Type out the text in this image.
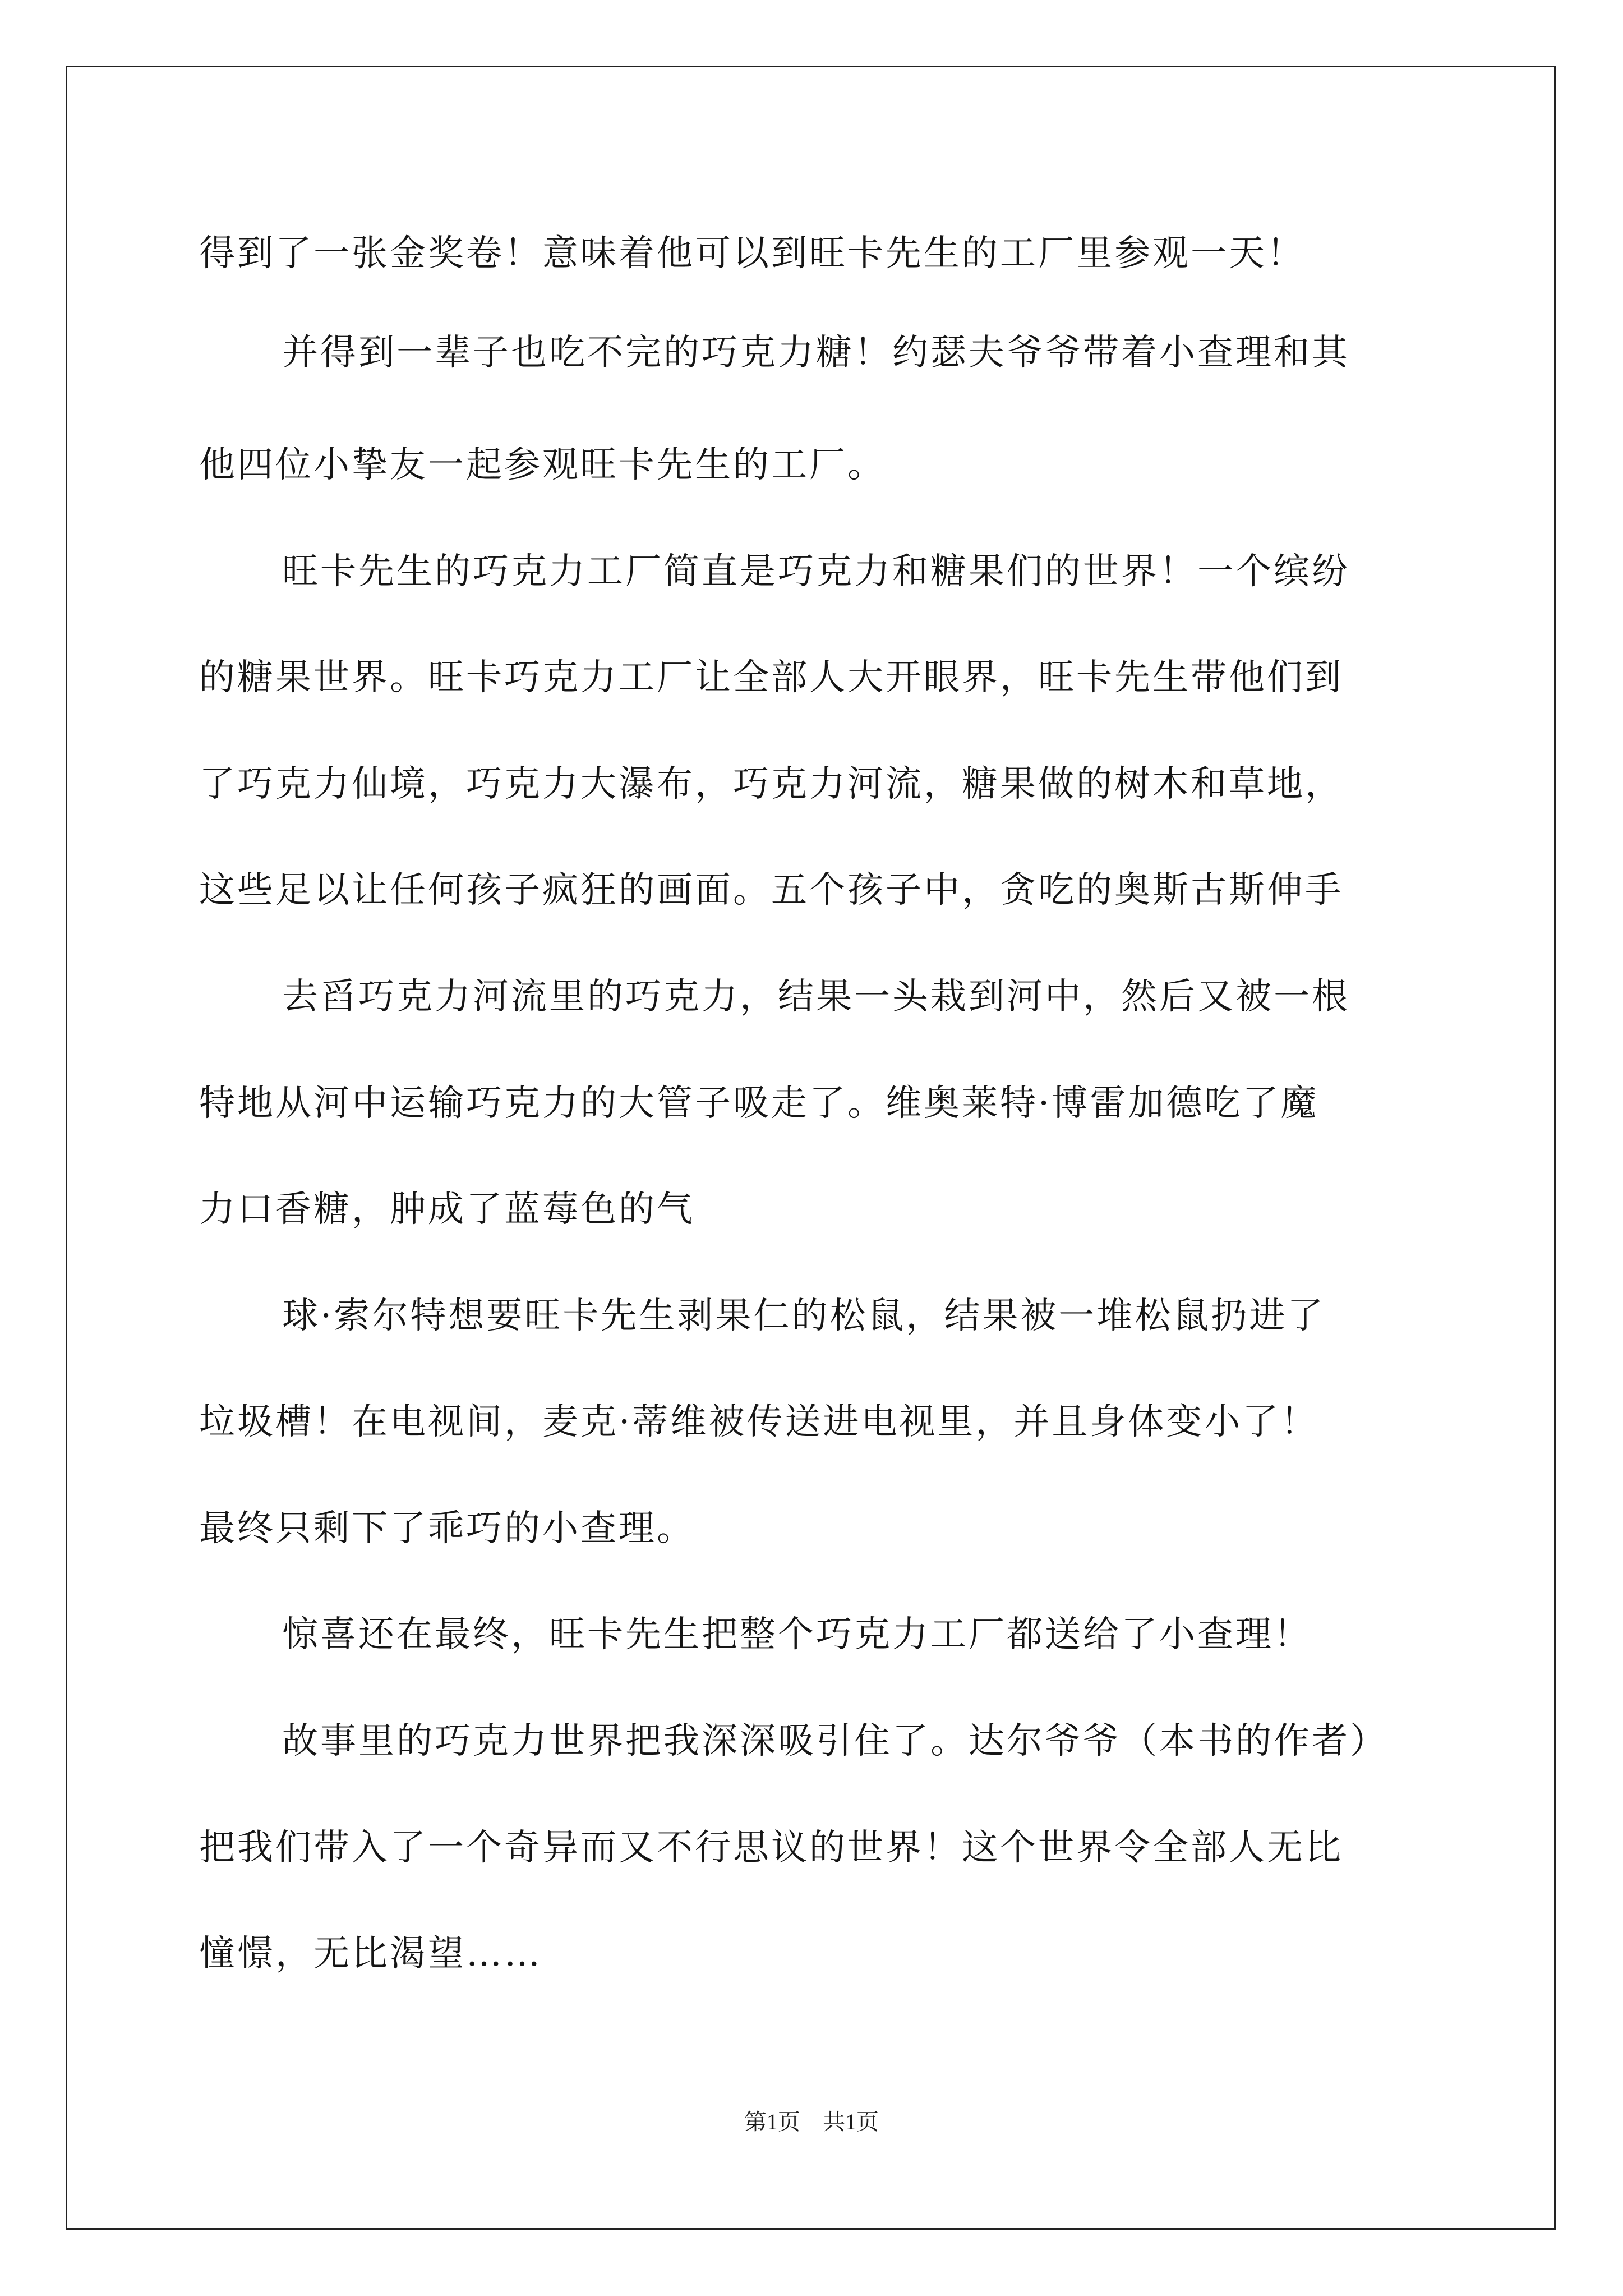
得到了一张金奖卷！意味着他可以到旺卡先生的工厂里参观一天！
并得到一辈子也吃不完的巧克力糖！约瑟夫爷爷带着小查理和其
他四位小挚友一起参观旺卡先生的工厂。
旺卡先生的巧克力工厂简直是巧克力和糖果们的世界！一个缤纷
的糖果世界。旺卡巧克力工厂让全部人大开眼界，旺卡先生带他们到
了巧克力仙境，巧克力大瀑布，巧克力河流，糖果做的树木和草地，
这些足以让任何孩子疯狂的画面。五个孩子中，贪吃的奥斯古斯伸手
去舀巧克力河流里的巧克力，结果一头栽到河中，然后又被一根
特地从河中运输巧克力的大管子吸走了。维奥莱特·博雷加德吃了魔
力口香糖，肿成了蓝莓色的气
球·索尔特想要旺卡先生剥果仁的松鼠，结果被一堆松鼠扔进了
垃圾槽！在电视间，麦克·蒂维被传送进电视里，并且身体变小了！
最终只剩下了乖巧的小查理。
惊喜还在最终，旺卡先生把整个巧克力工厂都送给了小查理！
故事里的巧克力世界把我深深吸引住了。达尔爷爷（本书的作者）
把我们带入了一个奇异而又不行思议的世界！这个世界令全部人无比
憧憬，无比渴望……
第1页　共1页
